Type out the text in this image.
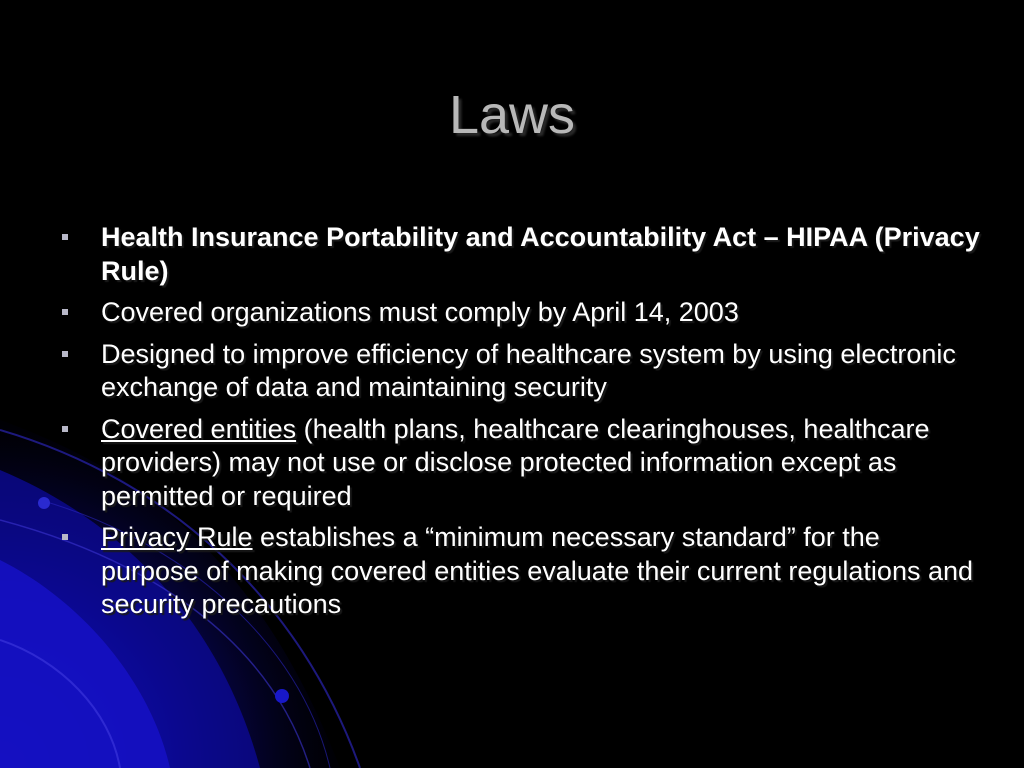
Laws
Health Insurance Portability and Accountability Act – HIPAA (Privacy Rule)
Covered organizations must comply by April 14, 2003
Designed to improve efficiency of healthcare system by using electronic exchange of data and maintaining security
Covered entities (health plans, healthcare clearinghouses, healthcare providers) may not use or disclose protected information except as permitted or required
Privacy Rule establishes a “minimum necessary standard” for the purpose of making covered entities evaluate their current regulations and security precautions
